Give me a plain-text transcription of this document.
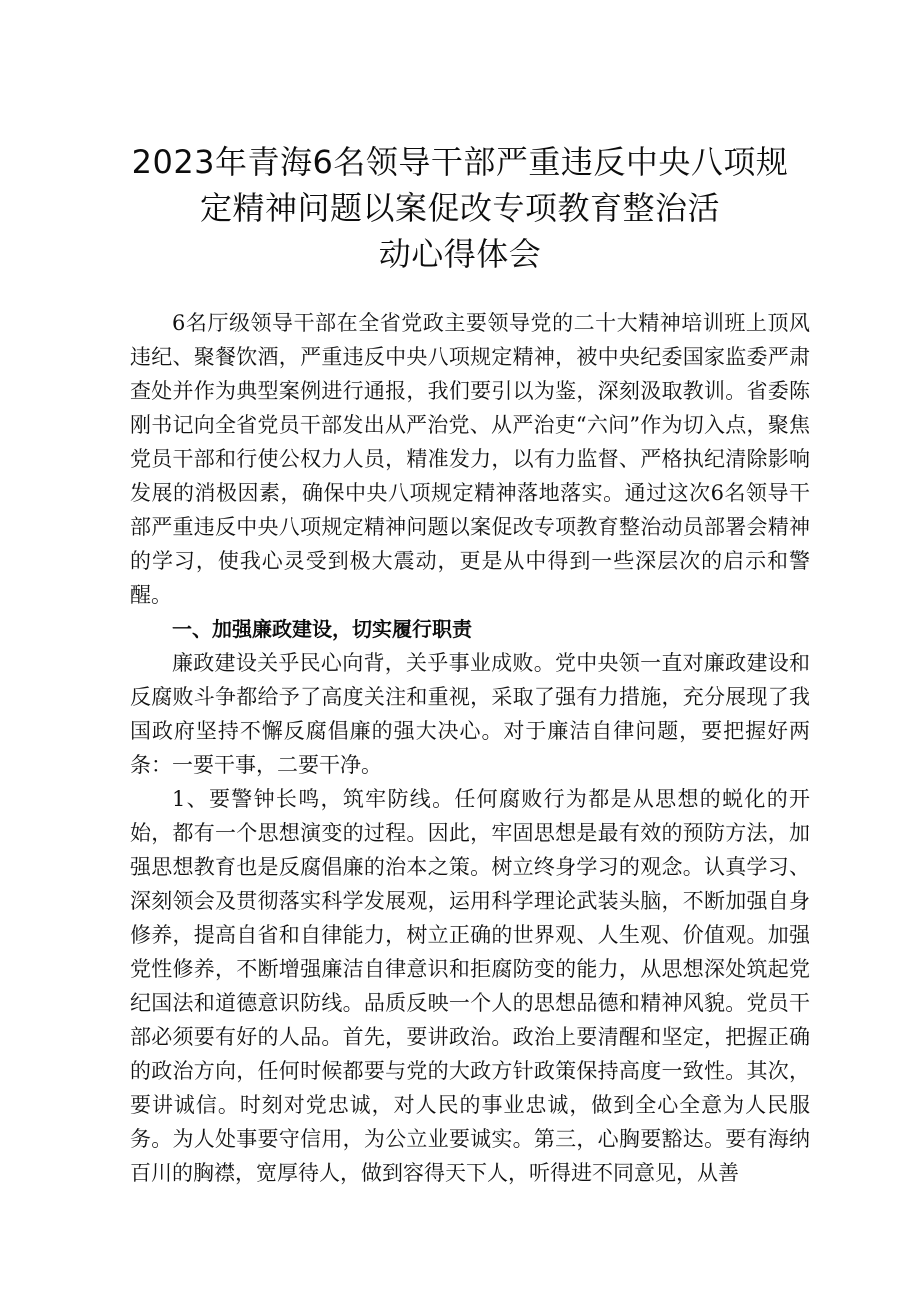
2023年青海6名领导干部严重违反中央八项规
定精神问题以案促改专项教育整治活
动心得体会

6名厅级领导干部在全省党政主要领导党的二十大精神培训班上顶风违纪、聚餐饮酒，严重违反中央八项规定精神，被中央纪委国家监委严肃查处并作为典型案例进行通报，我们要引以为鉴，深刻汲取教训。省委陈刚书记向全省党员干部发出从严治党、从严治吏“六问”作为切入点，聚焦党员干部和行使公权力人员，精准发力，以有力监督、严格执纪清除影响发展的消极因素，确保中央八项规定精神落地落实。通过这次6名领导干部严重违反中央八项规定精神问题以案促改专项教育整治动员部署会精神的学习，使我心灵受到极大震动，更是从中得到一些深层次的启示和警醒。

一、加强廉政建设，切实履行职责

廉政建设关乎民心向背，关乎事业成败。党中央领一直对廉政建设和反腐败斗争都给予了高度关注和重视，采取了强有力措施，充分展现了我国政府坚持不懈反腐倡廉的强大决心。对于廉洁自律问题，要把握好两条：一要干事，二要干净。

1、要警钟长鸣，筑牢防线。任何腐败行为都是从思想的蜕化的开始，都有一个思想演变的过程。因此，牢固思想是最有效的预防方法，加强思想教育也是反腐倡廉的治本之策。树立终身学习的观念。认真学习、深刻领会及贯彻落实科学发展观，运用科学理论武装头脑，不断加强自身修养，提高自省和自律能力，树立正确的世界观、人生观、价值观。加强党性修养，不断增强廉洁自律意识和拒腐防变的能力，从思想深处筑起党纪国法和道德意识防线。品质反映一个人的思想品德和精神风貌。党员干部必须要有好的人品。首先，要讲政治。政治上要清醒和坚定，把握正确的政治方向，任何时候都要与党的大政方针政策保持高度一致性。其次，要讲诚信。时刻对党忠诚，对人民的事业忠诚，做到全心全意为人民服务。为人处事要守信用，为公立业要诚实。第三，心胸要豁达。要有海纳百川的胸襟，宽厚待人，做到容得天下人，听得进不同意见，从善
